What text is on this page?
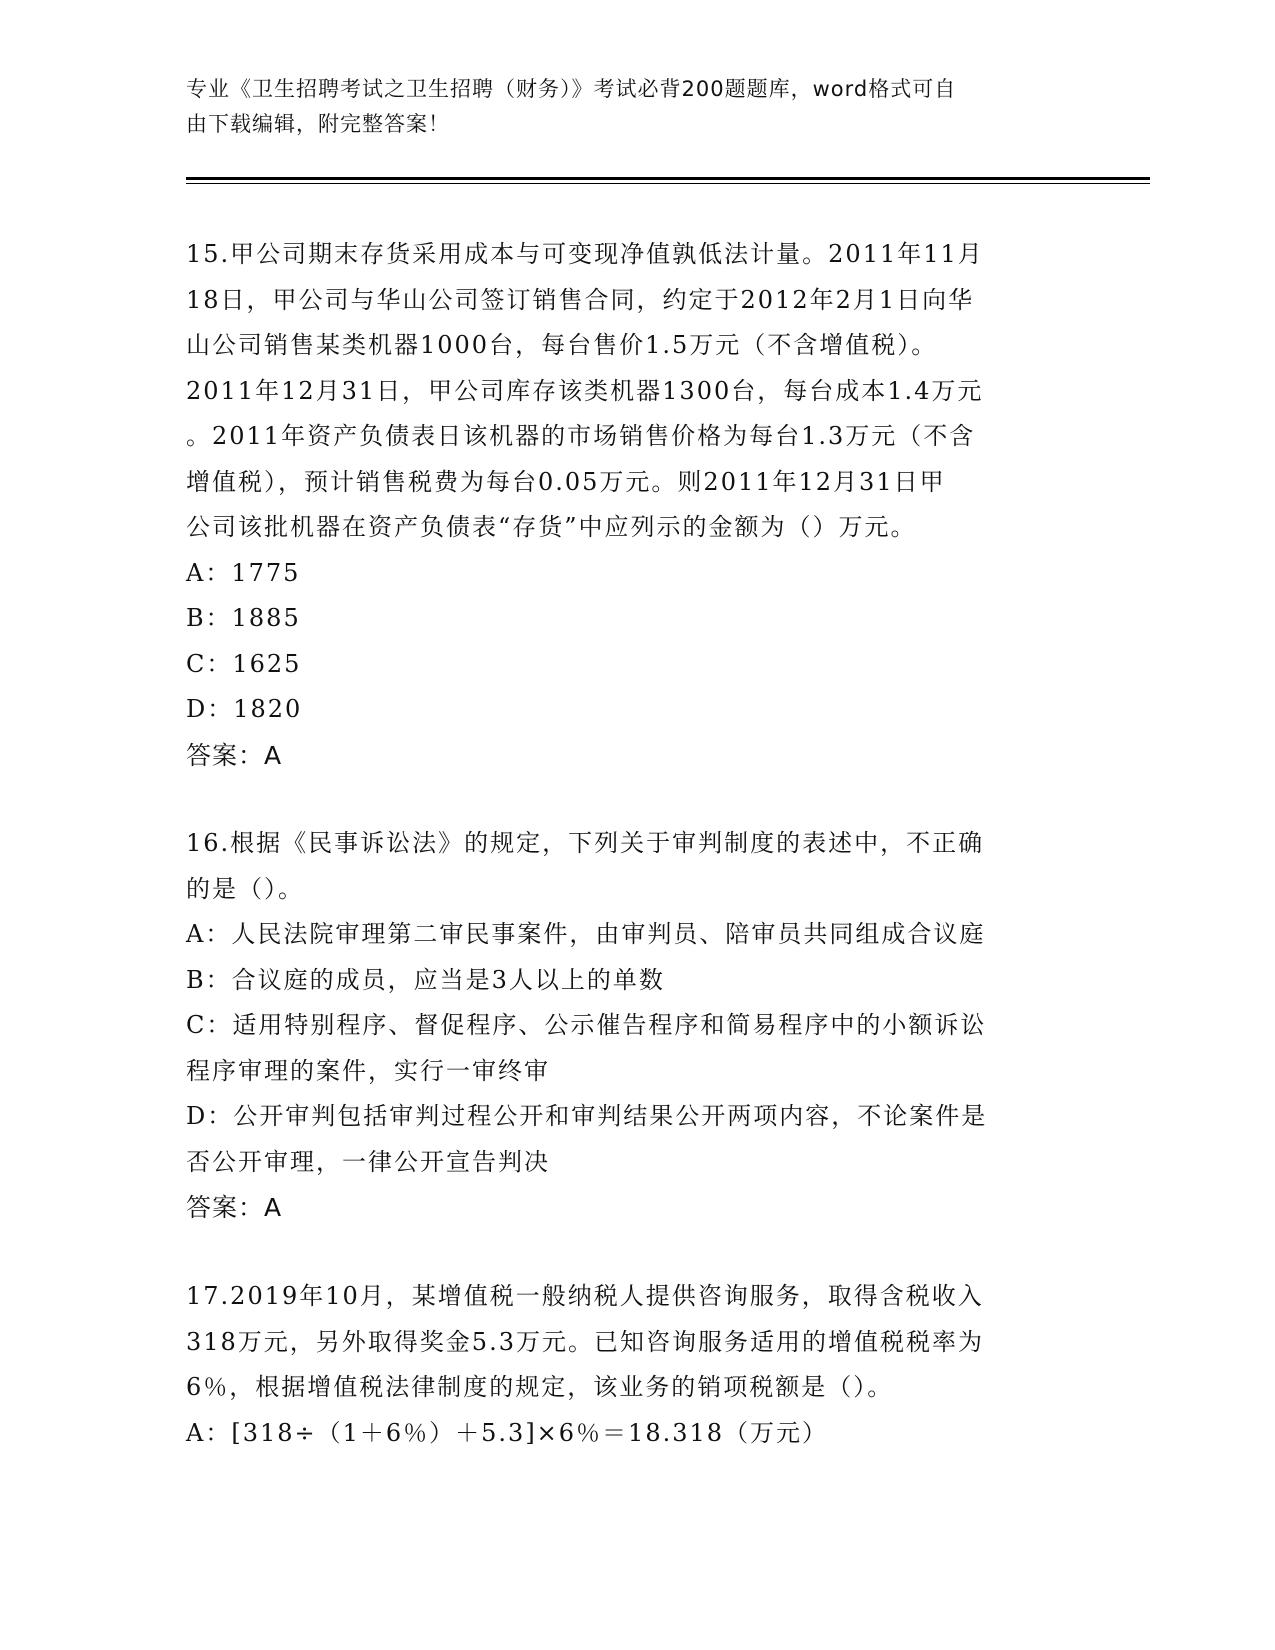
专业《卫生招聘考试之卫生招聘（财务）》考试必背200题题库，word格式可自
由下载编辑，附完整答案！
15.甲公司期末存货采用成本与可变现净值孰低法计量。2011年11月
18日，甲公司与华山公司签订销售合同，约定于2012年2月1日向华
山公司销售某类机器1000台，每台售价1.5万元（不含增值税）。
2011年12月31日，甲公司库存该类机器1300台，每台成本1.4万元
。2011年资产负债表日该机器的市场销售价格为每台1.3万元（不含
增值税），预计销售税费为每台0.05万元。则2011年12月31日甲
公司该批机器在资产负债表“存货”中应列示的金额为（）万元。
A：1775
B：1885
C：1625
D：1820
答案：A
16.根据《民事诉讼法》的规定，下列关于审判制度的表述中，不正确
的是（）。
A：人民法院审理第二审民事案件，由审判员、陪审员共同组成合议庭
B：合议庭的成员，应当是3人以上的单数
C：适用特别程序、督促程序、公示催告程序和简易程序中的小额诉讼
程序审理的案件，实行一审终审
D：公开审判包括审判过程公开和审判结果公开两项内容，不论案件是
否公开审理，一律公开宣告判决
答案：A
17.2019年10月，某增值税一般纳税人提供咨询服务，取得含税收入
318万元，另外取得奖金5.3万元。已知咨询服务适用的增值税税率为
6％，根据增值税法律制度的规定，该业务的销项税额是（）。
A：[318÷（1＋6％）＋5.3]×6％＝18.318（万元）
